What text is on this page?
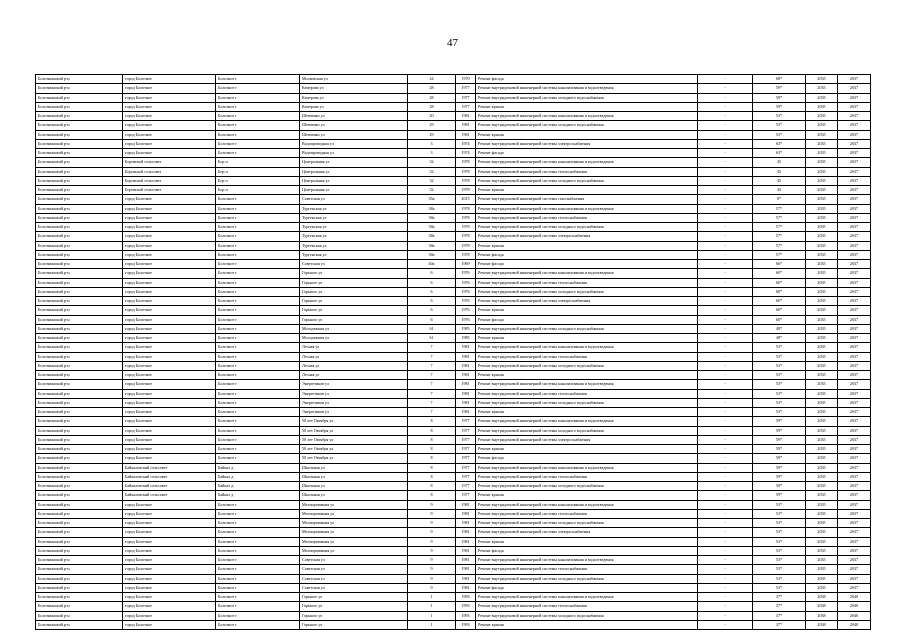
47
Болотнинский р-н	город Болотное	Болотное г	Московская ул	24	1970	Ремонт фасада	-	68*	2035	2037
Болотнинский р-н	город Болотное	Болотное г	Кемерова ул	28	1977	Ремонт внутридомовой инженерной системы канализования и водоотведения	-	59*	2035	2037
Болотнинский р-н	город Болотное	Болотное г	Кемерова ул	28	1977	Ремонт внутридомовой инженерной системы холодного водоснабжения	-	59*	2035	2037
Болотнинский р-н	город Болотное	Болотное г	Кемерова ул	28	1977	Ремонт крыши	-	59*	2035	2037
Болотнинский р-н	город Болотное	Болотное г	Шевченко ул	20	1981	Ремонт внутридомовой инженерной системы канализования и водоотведения	-	53*	2035	2037
Болотнинский р-н	город Болотное	Болотное г	Шевченко ул	29	1981	Ремонт внутридомовой инженерной системы холодного водоснабжения	-	53*	2035	2037
Болотнинский р-н	город Болотное	Болотное г	Шевченко ул	29	1981	Ремонт крыши	-	53*	2035	2037
Болотнинский р-н	город Болотное	Болотное г	Водопроводная ул	3	1974	Ремонт внутридомовой инженерной системы электроснабжения	-	63*	2035	2037
Болотнинский р-н	город Болотное	Болотное г	Водопроводная ул	3	1974	Ремонт фасада	-	63*	2035	2037
Болотнинский р-н	Боровской сельсовет	Бор п	Центральная ул	32	1978	Ремонт внутридомовой инженерной системы канализования и водоотведения	-	45	2035	2037
Болотнинский р-н	Боровской сельсовет	Бор п	Центральная ул	32	1978	Ремонт внутридомовой инженерной системы теплоснабжения	-	45	2035	2037
Болотнинский р-н	Боровской сельсовет	Бор п	Центральная ул	32	1978	Ремонт внутридомовой инженерной системы холодного водоснабжения	-	45	2035	2037
Болотнинский р-н	Боровской сельсовет	Бор п	Центральная ул	32	1978	Ремонт крыши	-	45	2035	2037
Болотнинский р-н	город Болотное	Болотное г	Советская ул	35а	2015	Ремонт внутридомовой инженерной системы газоснабжения	-	8*	2035	2037
Болотнинский р-н	город Болотное	Болотное г	Тургенская ул	38а	1978	Ремонт внутридомовой инженерной системы канализования и водоотведения	-	57*	2035	2037
Болотнинский р-н	город Болотное	Болотное г	Тургенская ул	38а	1978	Ремонт внутридомовой инженерной системы теплоснабжения	-	57*	2035	2037
Болотнинский р-н	город Болотное	Болотное г	Тургенская ул	38а	1978	Ремонт внутридомовой инженерной системы холодного водоснабжения	-	57*	2035	2037
Болотнинский р-н	город Болотное	Болотное г	Тургенская ул	38а	1978	Ремонт внутридомовой инженерной системы электроснабжения	-	57*	2035	2037
Болотнинский р-н	город Болотное	Болотное г	Тургенская ул	38а	1978	Ремонт крыши	-	57*	2035	2037
Болотнинский р-н	город Болотное	Болотное г	Тургенская ул	38а	1978	Ремонт фасада	-	57*	2035	2037
Болотнинский р-н	город Болотное	Болотное г	Советская ул	40а	1969	Ремонт фасада	-	66*	2035	2037
Болотнинский р-н	город Болотное	Болотное г	Горького ул	6	1976	Ремонт внутридомовой инженерной системы канализования и водоотведения	-	60*	2035	2037
Болотнинский р-н	город Болотное	Болотное г	Горького ул	6	1976	Ремонт внутридомовой инженерной системы теплоснабжения	-	60*	2035	2037
Болотнинский р-н	город Болотное	Болотное г	Горького ул	6	1976	Ремонт внутридомовой инженерной системы холодного водоснабжения	-	60*	2035	2037
Болотнинский р-н	город Болотное	Болотное г	Горького ул	6	1976	Ремонт внутридомовой инженерной системы электроснабжения	-	60*	2035	2037
Болотнинский р-н	город Болотное	Болотное г	Горького ул	6	1976	Ремонт крыши	-	60*	2035	2037
Болотнинский р-н	город Болотное	Болотное г	Горького ул	6	1976	Ремонт фасада	-	60*	2035	2037
Болотнинский р-н	город Болотное	Болотное г	Молодежная ул	61	1985	Ремонт внутридомовой инженерной системы холодного водоснабжения	-	48*	2035	2037
Болотнинский р-н	город Болотное	Болотное г	Молодежная ул	61	1985	Ремонт крыши	-	48*	2035	2037
Болотнинский р-н	город Болотное	Болотное г	Лесная ул	7	1981	Ремонт внутридомовой инженерной системы канализования и водоотведения	-	53*	2035	2037
Болотнинский р-н	город Болотное	Болотное г	Лесная ул	7	1981	Ремонт внутридомовой инженерной системы теплоснабжения	-	53*	2035	2037
Болотнинский р-н	город Болотное	Болотное г	Лесная ул	7	1981	Ремонт внутридомовой инженерной системы холодного водоснабжения	-	53*	2035	2037
Болотнинский р-н	город Болотное	Болотное г	Лесная ул	7	1981	Ремонт крыши	-	53*	2035	2037
Болотнинский р-н	город Болотное	Болотное г	Энергетиков ул	7	1981	Ремонт внутридомовой инженерной системы канализования и водоотведения	-	53*	2035	2037
Болотнинский р-н	город Болотное	Болотное г	Энергетиков ул	7	1981	Ремонт внутридомовой инженерной системы теплоснабжения	-	53*	2035	2037
Болотнинский р-н	город Болотное	Болотное г	Энергетиков ул	7	1981	Ремонт внутридомовой инженерной системы холодного водоснабжения	-	53*	2035	2037
Болотнинский р-н	город Болотное	Болотное г	Энергетиков ул	7	1981	Ремонт крыши	-	53*	2035	2037
Болотнинский р-н	город Болотное	Болотное г	50 лет Октября ул	8	1977	Ремонт внутридомовой инженерной системы канализования и водоотведения	-	59*	2035	2037
Болотнинский р-н	город Болотное	Болотное г	50 лет Октября ул	8	1977	Ремонт внутридомовой инженерной системы холодного водоснабжения	-	59*	2035	2037
Болотнинский р-н	город Болотное	Болотное г	50 лет Октября ул	8	1977	Ремонт внутридомовой инженерной системы электроснабжения	-	59*	2035	2037
Болотнинский р-н	город Болотное	Болотное г	50 лет Октября ул	8	1977	Ремонт крыши	-	59*	2035	2037
Болотнинский р-н	город Болотное	Болотное г	50 лет Октября ул	8	1977	Ремонт фасада	-	59*	2035	2037
Болотнинский р-н	Байкаловский сельсовет	Байкал д	Школьная ул	8	1977	Ремонт внутридомовой инженерной системы канализования и водоотведения	-	59*	2035	2037
Болотнинский р-н	Байкаловский сельсовет	Байкал д	Школьная ул	8	1977	Ремонт внутридомовой инженерной системы теплоснабжения	-	59*	2035	2037
Болотнинский р-н	Байкаловский сельсовет	Байкал д	Школьная ул	8	1977	Ремонт внутридомовой инженерной системы холодного водоснабжения	-	59*	2035	2037
Болотнинский р-н	Байкаловский сельсовет	Байкал д	Школьная ул	8	1977	Ремонт крыши	-	59*	2035	2037
Болотнинский р-н	город Болотное	Болотное г	Мелиоративная ул	9	1981	Ремонт внутридомовой инженерной системы канализования и водоотведения	-	53*	2035	2037
Болотнинский р-н	город Болотное	Болотное г	Мелиоративная ул	9	1981	Ремонт внутридомовой инженерной системы теплоснабжения	-	53*	2035	2037
Болотнинский р-н	город Болотное	Болотное г	Мелиоративная ул	9	1981	Ремонт внутридомовой инженерной системы холодного водоснабжения	-	53*	2035	2037
Болотнинский р-н	город Болотное	Болотное г	Мелиоративная ул	9	1981	Ремонт внутридомовой инженерной системы электроснабжения	-	53*	2035	2037
Болотнинский р-н	город Болотное	Болотное г	Мелиоративная ул	9	1981	Ремонт крыши	-	53*	2035	2037
Болотнинский р-н	город Болотное	Болотное г	Мелиоративная ул	9	1981	Ремонт фасада	-	53*	2035	2037
Болотнинский р-н	город Болотное	Болотное г	Советская ул	9	1981	Ремонт внутридомовой инженерной системы канализования и водоотведения	-	53*	2035	2037
Болотнинский р-н	город Болотное	Болотное г	Советская ул	9	1981	Ремонт внутридомовой инженерной системы теплоснабжения	-	53*	2035	2037
Болотнинский р-н	город Болотное	Болотное г	Советская ул	9	1981	Ремонт внутридомовой инженерной системы холодного водоснабжения	-	53*	2035	2037
Болотнинский р-н	город Болотное	Болотное г	Советская ул	9	1981	Ремонт фасада	-	53*	2035	2037
Болотнинский р-н	город Болотное	Болотное г	Горького ул	1	1993	Ремонт внутридомовой инженерной системы канализования и водоотведения	-	37*	2038	2040
Болотнинский р-н	город Болотное	Болотное г	Горького ул	1	1993	Ремонт внутридомовой инженерной системы теплоснабжения	-	37*	2038	2040
Болотнинский р-н	город Болотное	Болотное г	Горького ул	1	1993	Ремонт внутридомовой инженерной системы холодного водоснабжения	-	37*	2038	2040
Болотнинский р-н	город Болотное	Болотное г	Горького ул	1	1993	Ремонт крыши	-	37*	2038	2040
